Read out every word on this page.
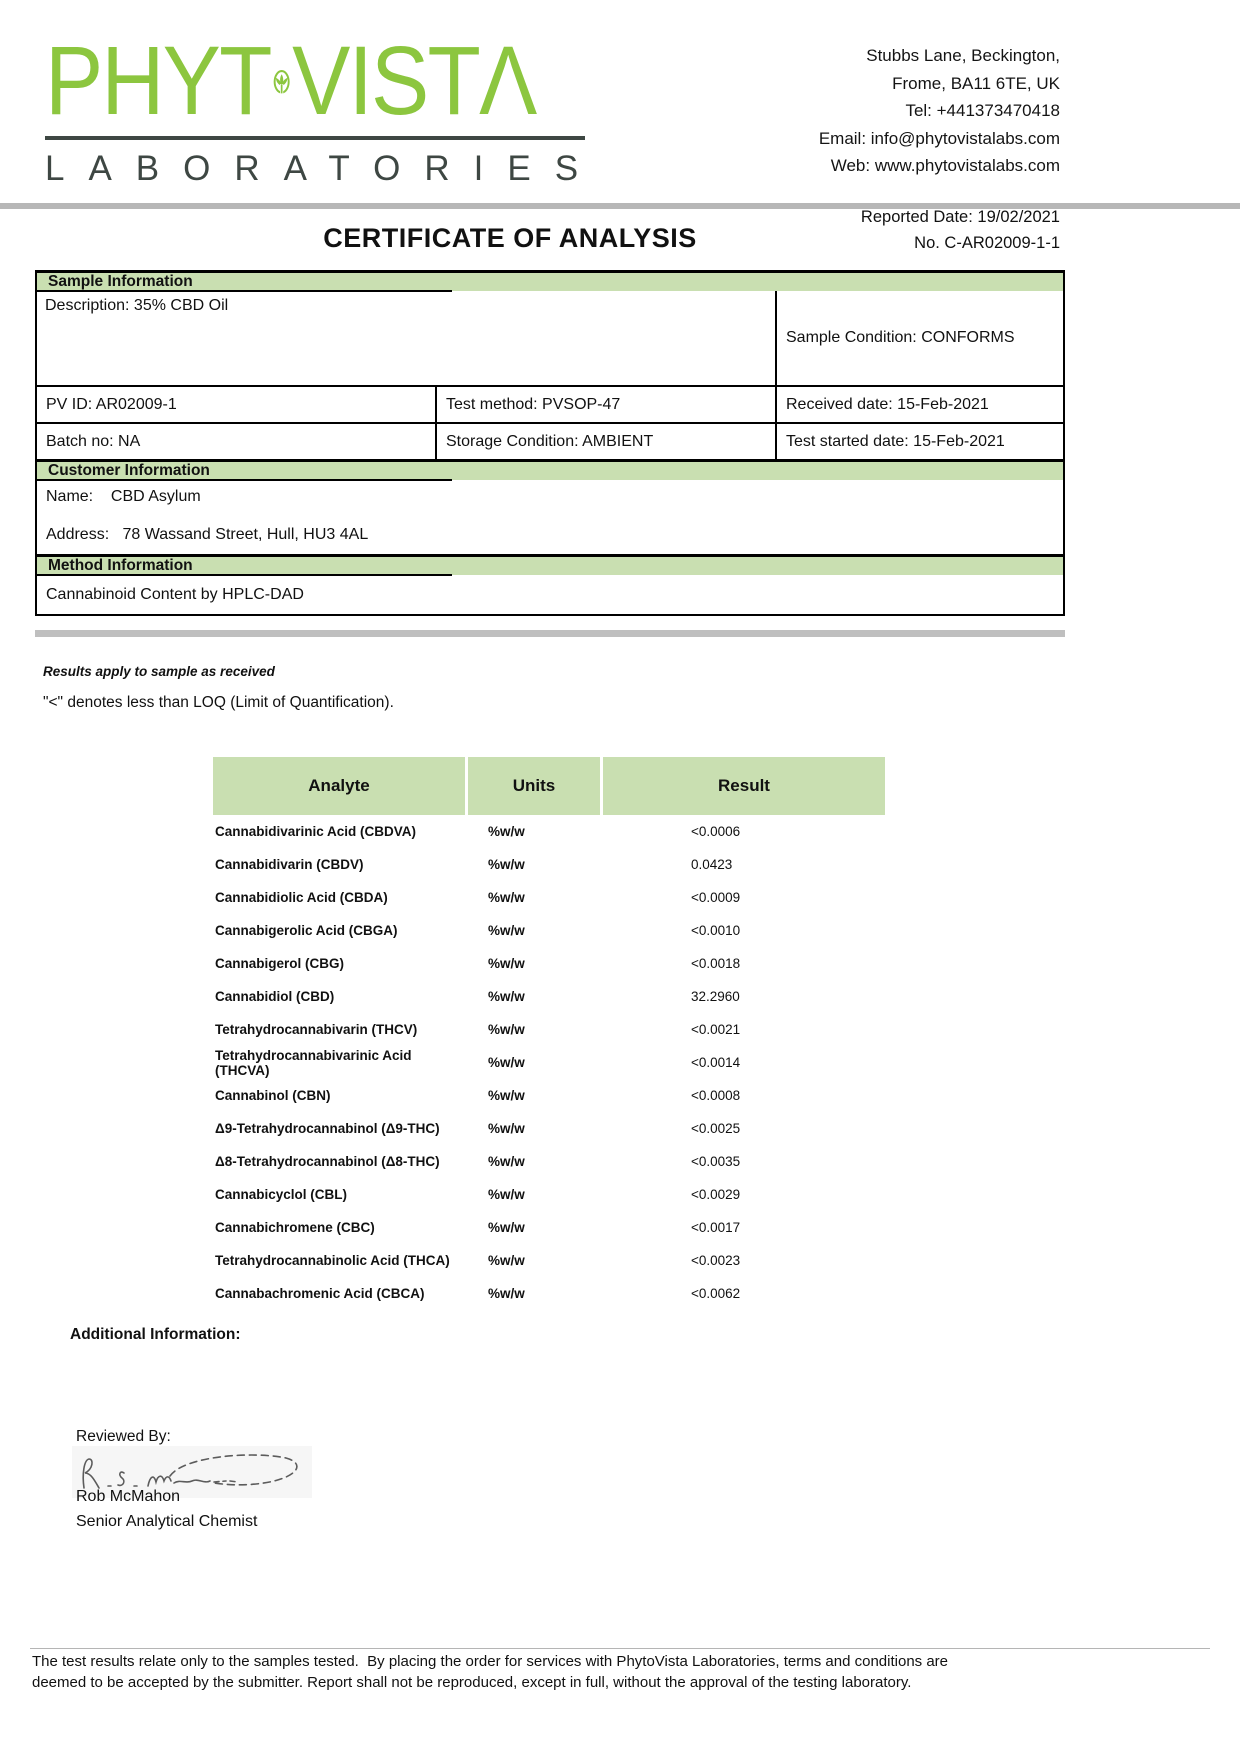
PHYT VISTΛ
LABORATORIES
Stubbs Lane, Beckington,
Frome, BA11 6TE, UK
Tel: +441373470418
Email: info@phytovistalabs.com
Web: www.phytovistalabs.com
Reported Date: 19/02/2021
CERTIFICATE OF ANALYSIS	No. C-AR02009-1-1
Sample Information
Description: 35% CBD Oil
Sample Condition: CONFORMS
PV ID: AR02009-1	Test method: PVSOP-47	Received date: 15-Feb-2021
Batch no: NA	Storage Condition: AMBIENT	Test started date: 15-Feb-2021
Customer Information
Name:    CBD Asylum
Address:   78 Wassand Street, Hull, HU3 4AL
Method Information
Cannabinoid Content by HPLC-DAD
Results apply to sample as received
"<" denotes less than LOQ (Limit of Quantification).
Analyte	Units	Result
Cannabidivarinic Acid (CBDVA)	%w/w	<0.0006
Cannabidivarin (CBDV)	%w/w	0.0423
Cannabidiolic Acid (CBDA)	%w/w	<0.0009
Cannabigerolic Acid (CBGA)	%w/w	<0.0010
Cannabigerol (CBG)	%w/w	<0.0018
Cannabidiol (CBD)	%w/w	32.2960
Tetrahydrocannabivarin (THCV)	%w/w	<0.0021
Tetrahydrocannabivarinic Acid (THCVA)	%w/w	<0.0014
Cannabinol (CBN)	%w/w	<0.0008
Δ9-Tetrahydrocannabinol (Δ9-THC)	%w/w	<0.0025
Δ8-Tetrahydrocannabinol (Δ8-THC)	%w/w	<0.0035
Cannabicyclol (CBL)	%w/w	<0.0029
Cannabichromene (CBC)	%w/w	<0.0017
Tetrahydrocannabinolic Acid (THCA)	%w/w	<0.0023
Cannabachromenic Acid (CBCA)	%w/w	<0.0062
Additional Information:
Reviewed By:
Rob McMahon
Senior Analytical Chemist
The test results relate only to the samples tested.  By placing the order for services with PhytoVista Laboratories, terms and conditions are
deemed to be accepted by the submitter. Report shall not be reproduced, except in full, without the approval of the testing laboratory.
